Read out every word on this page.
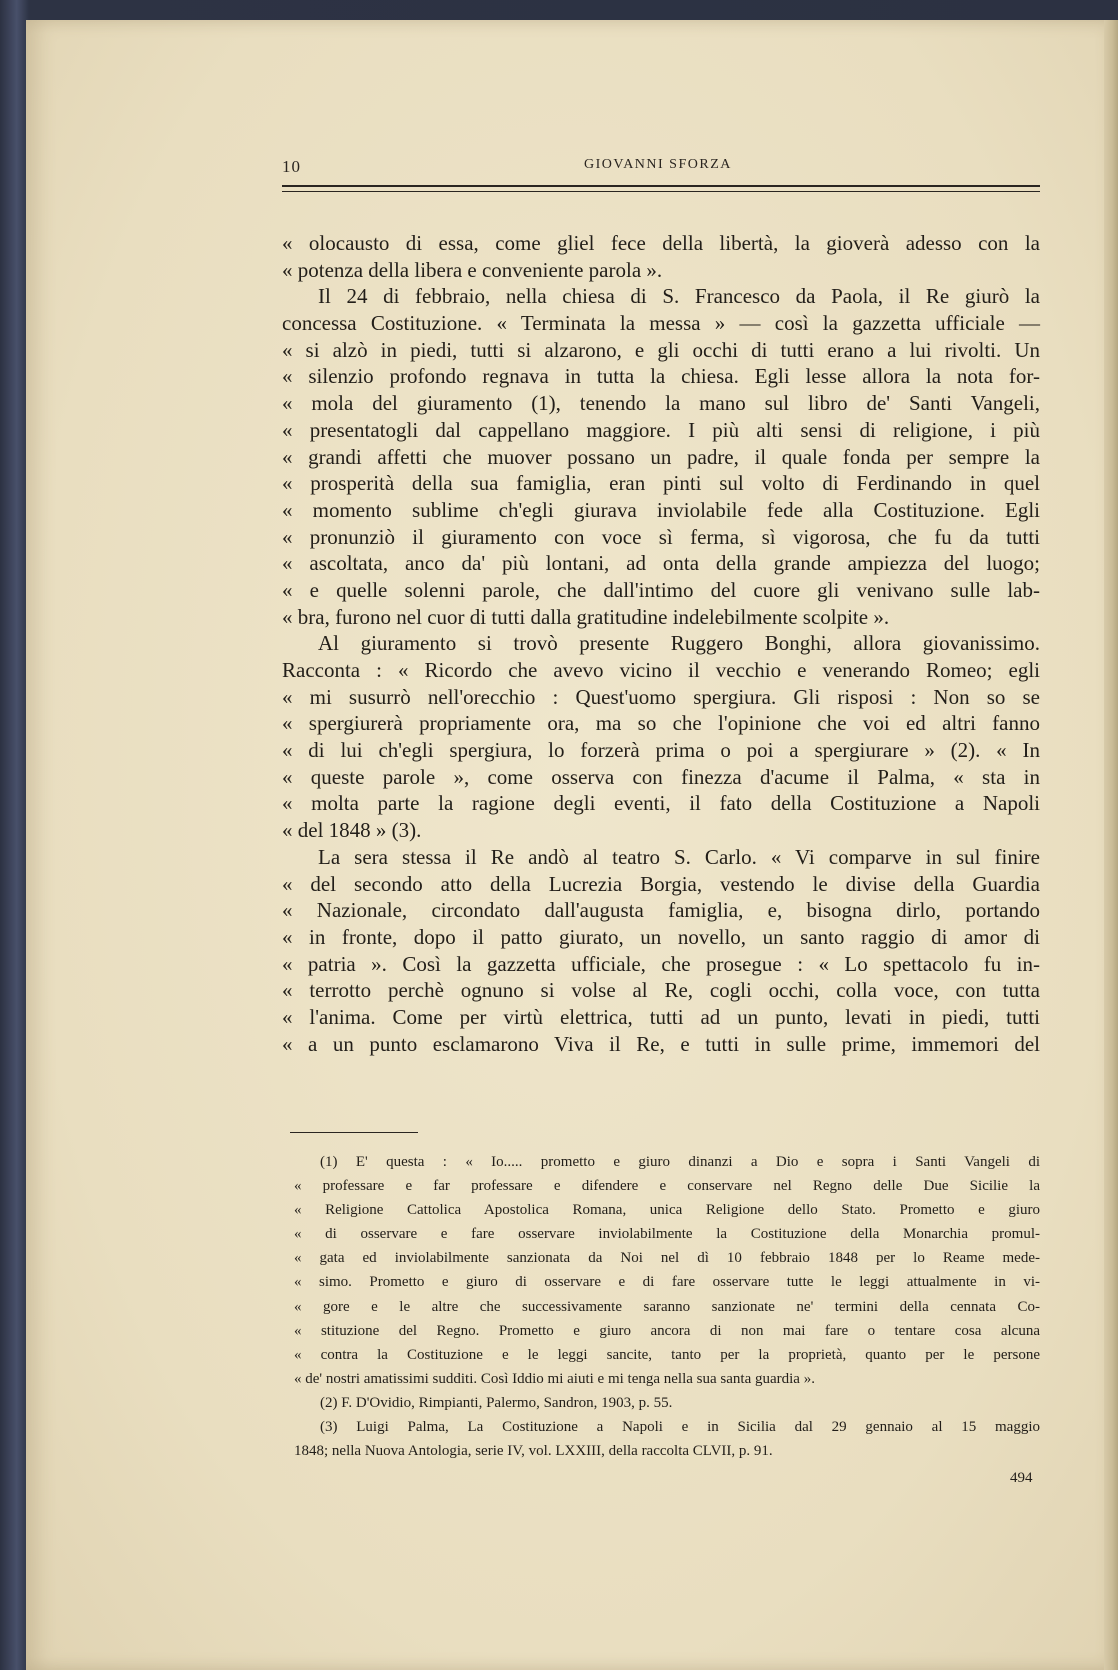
10	GIOVANNI SFORZA
« olocausto di essa, come gliel fece della libertà, la gioverà adesso con la
« potenza della libera e conveniente parola ».
Il 24 di febbraio, nella chiesa di S. Francesco da Paola, il Re giurò la
concessa Costituzione. « Terminata la messa » — così la gazzetta ufficiale —
« si alzò in piedi, tutti si alzarono, e gli occhi di tutti erano a lui rivolti. Un
« silenzio profondo regnava in tutta la chiesa. Egli lesse allora la nota for-
« mola del giuramento (1), tenendo la mano sul libro de' Santi Vangeli,
« presentatogli dal cappellano maggiore. I più alti sensi di religione, i più
« grandi affetti che muover possano un padre, il quale fonda per sempre la
« prosperità della sua famiglia, eran pinti sul volto di Ferdinando in quel
« momento sublime ch'egli giurava inviolabile fede alla Costituzione. Egli
« pronunziò il giuramento con voce sì ferma, sì vigorosa, che fu da tutti
« ascoltata, anco da' più lontani, ad onta della grande ampiezza del luogo;
« e quelle solenni parole, che dall'intimo del cuore gli venivano sulle lab-
« bra, furono nel cuor di tutti dalla gratitudine indelebilmente scolpite ».
Al giuramento si trovò presente Ruggero Bonghi, allora giovanissimo.
Racconta : « Ricordo che avevo vicino il vecchio e venerando Romeo; egli
« mi susurrò nell'orecchio : Quest'uomo spergiura. Gli risposi : Non so se
« spergiurerà propriamente ora, ma so che l'opinione che voi ed altri fanno
« di lui ch'egli spergiura, lo forzerà prima o poi a spergiurare » (2). « In
« queste parole », come osserva con finezza d'acume il Palma, « sta in
« molta parte la ragione degli eventi, il fato della Costituzione a Napoli
« del 1848 » (3).
La sera stessa il Re andò al teatro S. Carlo. « Vi comparve in sul finire
« del secondo atto della Lucrezia Borgia, vestendo le divise della Guardia
« Nazionale, circondato dall'augusta famiglia, e, bisogna dirlo, portando
« in fronte, dopo il patto giurato, un novello, un santo raggio di amor di
« patria ». Così la gazzetta ufficiale, che prosegue : « Lo spettacolo fu in-
« terrotto perchè ognuno si volse al Re, cogli occhi, colla voce, con tutta
« l'anima. Come per virtù elettrica, tutti ad un punto, levati in piedi, tutti
« a un punto esclamarono Viva il Re, e tutti in sulle prime, immemori del
(1) E' questa : « Io..... prometto e giuro dinanzi a Dio e sopra i Santi Vangeli di
« professare e far professare e difendere e conservare nel Regno delle Due Sicilie la
« Religione Cattolica Apostolica Romana, unica Religione dello Stato. Prometto e giuro
« di osservare e fare osservare inviolabilmente la Costituzione della Monarchia promul-
« gata ed inviolabilmente sanzionata da Noi nel dì 10 febbraio 1848 per lo Reame mede-
« simo. Prometto e giuro di osservare e di fare osservare tutte le leggi attualmente in vi-
« gore e le altre che successivamente saranno sanzionate ne' termini della cennata Co-
« stituzione del Regno. Prometto e giuro ancora di non mai fare o tentare cosa alcuna
« contra la Costituzione e le leggi sancite, tanto per la proprietà, quanto per le persone
« de' nostri amatissimi sudditi. Così Iddio mi aiuti e mi tenga nella sua santa guardia ».
(2) F. D'Ovidio, Rimpianti, Palermo, Sandron, 1903, p. 55.
(3) Luigi Palma, La Costituzione a Napoli e in Sicilia dal 29 gennaio al 15 maggio
1848; nella Nuova Antologia, serie IV, vol. LXXIII, della raccolta CLVII, p. 91.
494
